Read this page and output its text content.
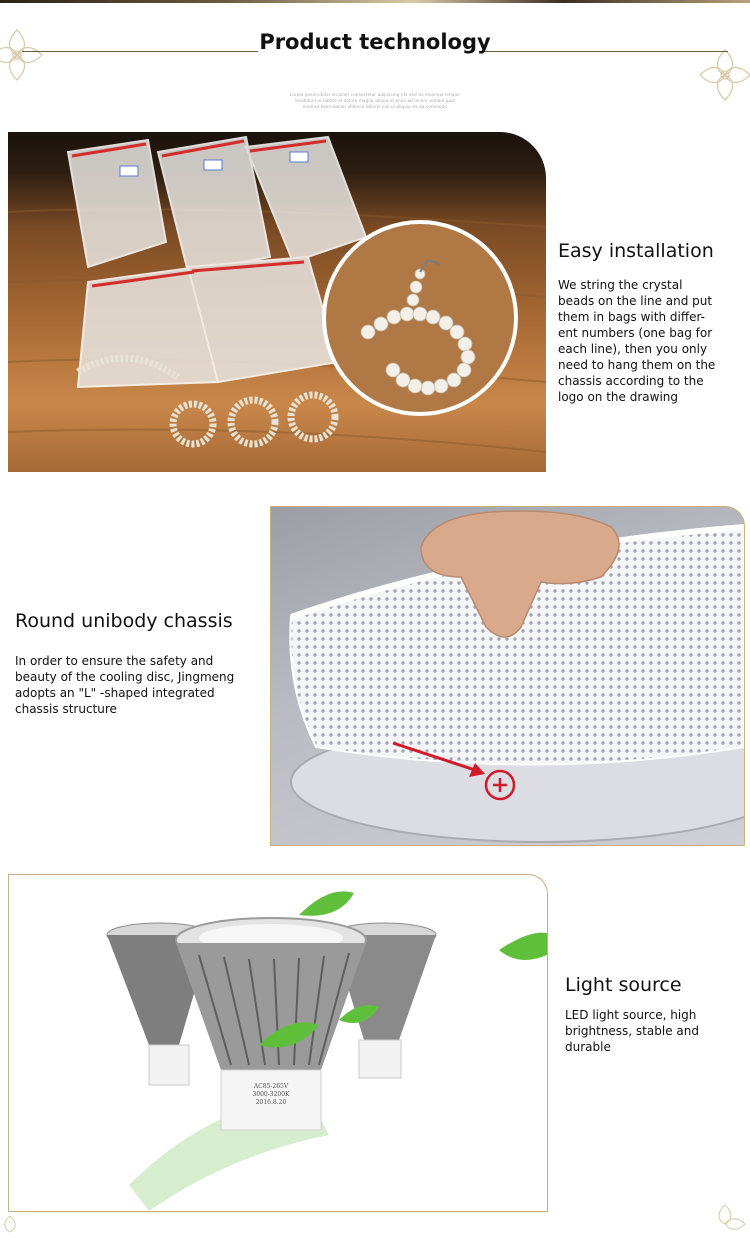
Product technology
Lorem ipsum dolor sit amet consectetur adipiscing elit sed do eiusmod tempor
incididunt ut labore et dolore magna aliqua ut enim ad minim veniam quis
nostrud exercitation ullamco laboris nisi ut aliquip ex ea commodo
Easy installation
We string the crystal beads on the line and put them in bags with differ-ent numbers (one bag for each line), then you only need to hang them on the chassis according to the logo on the drawing
Round unibody chassis
In order to ensure the safety and beauty of the cooling disc, Jingmeng adopts an "L" -shaped integrated chassis structure
AC85-265V
3000-3200K
2016.8.20
Light source
LED light source, high brightness, stable and durable
